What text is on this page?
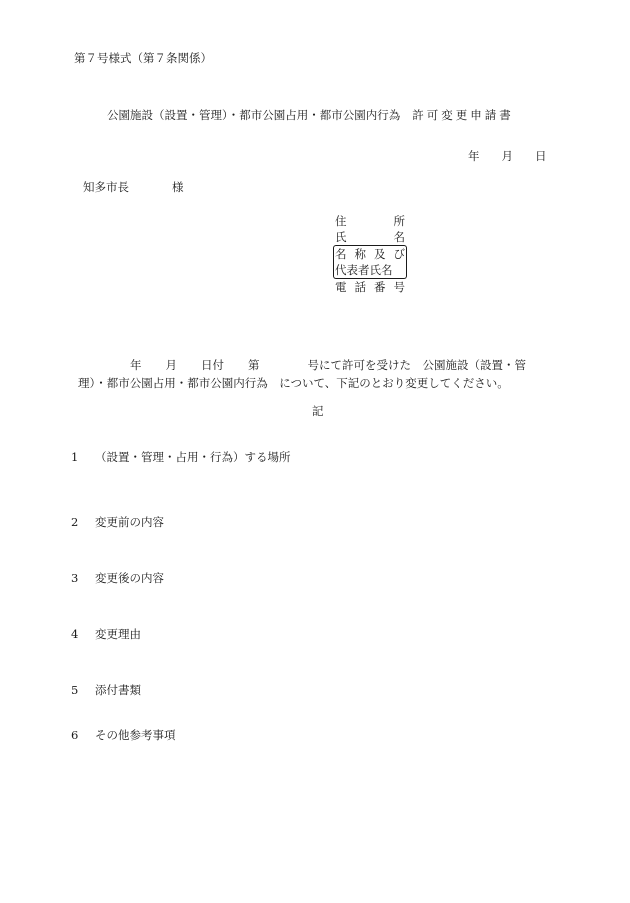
第７号様式（第７条関係）
公園施設（設置・管理）・都市公園占用・都市公園内行為 許可変更申請書
年 月 日
知多市長	様
住	所
氏	名
名 称 及 び
代表者氏名
電 話 番 号
年 月 日付 第	号にて許可を受けた　公園施設（設置・管
理）・都市公園占用・都市公園内行為　について、下記のとおり変更してください。
記
1 （設置・管理・占用・行為）する場所
2 変更前の内容
3 変更後の内容
4 変更理由
5 添付書類
6 その他参考事項
